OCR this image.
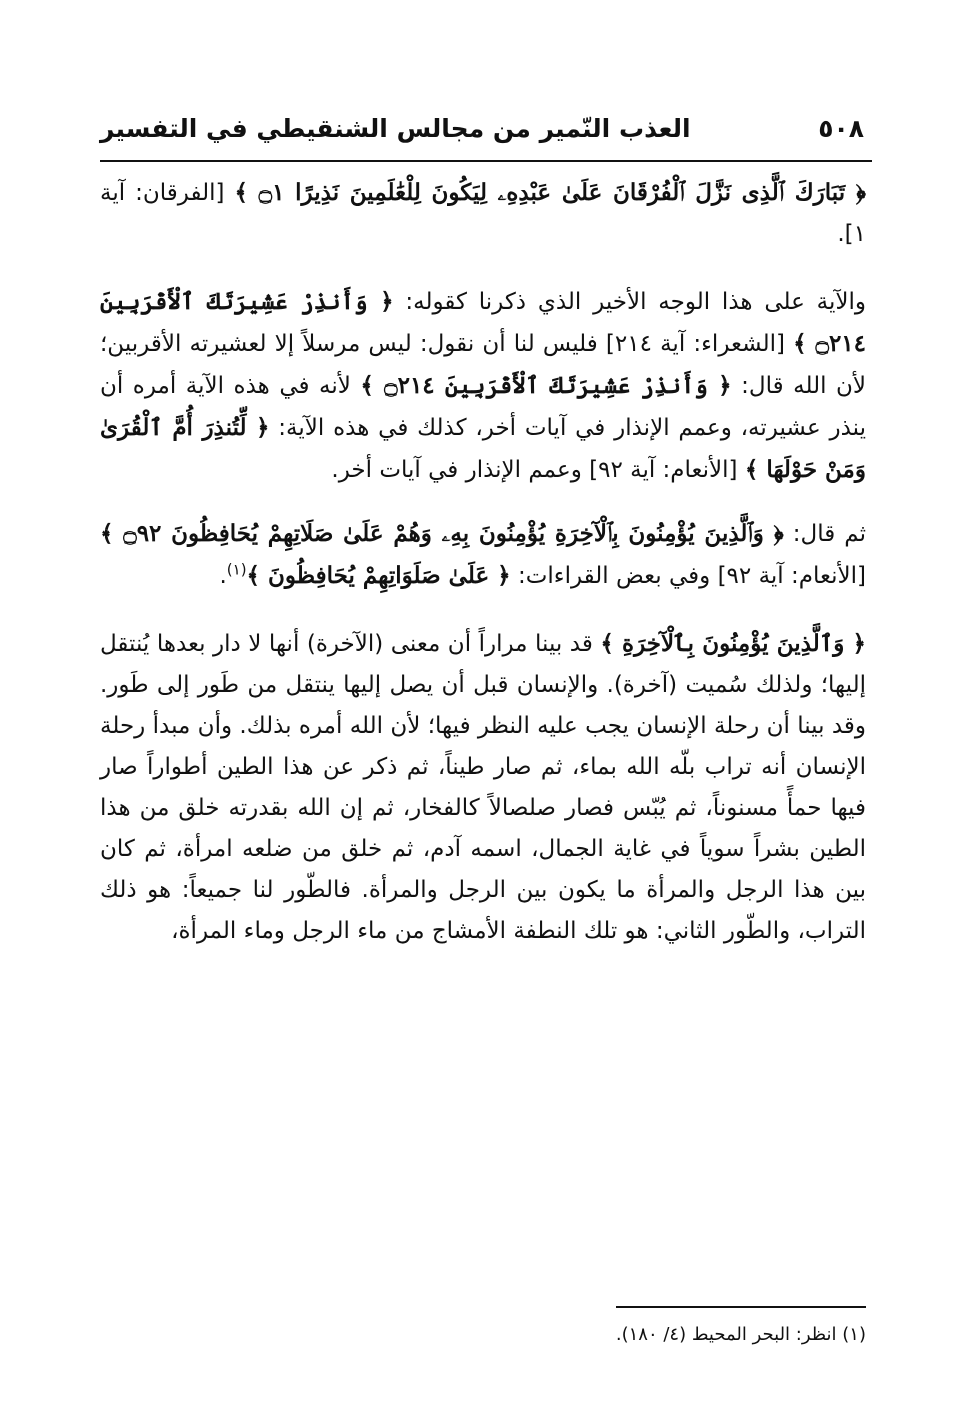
٥٠٨
العذب النّمير من مجالس الشنقيطي في التفسير

﴿ تَبَارَكَ ٱلَّذِى نَزَّلَ ٱلْفُرْقَانَ عَلَىٰ عَبْدِهِۦ لِيَكُونَ لِلْعَٰلَمِينَ نَذِيرًا ۝١ ﴾ [الفرقان: آية ١].

والآية على هذا الوجه الأخير الذي ذكرنا كقوله: ﴿ وَأَنذِرْ عَشِيرَتَكَ ٱلْأَقْرَبِينَ ۝٢١٤ ﴾ [الشعراء: آية ٢١٤] فليس لنا أن نقول: ليس مرسلاً إلا لعشيرته الأقربين؛ لأن الله قال: ﴿ وَأَنذِرْ عَشِيرَتَكَ ٱلْأَقْرَبِينَ ۝٢١٤ ﴾ لأنه في هذه الآية أمره أن ينذر عشيرته، وعمم الإنذار في آيات أخر، كذلك في هذه الآية: ﴿ لِّتُنذِرَ أُمَّ ٱلْقُرَىٰ وَمَنْ حَوْلَهَا ﴾ [الأنعام: آية ٩٢] وعمم الإنذار في آيات أخر.

ثم قال: ﴿ وَٱلَّذِينَ يُؤْمِنُونَ بِٱلْآخِرَةِ يُؤْمِنُونَ بِهِۦ وَهُمْ عَلَىٰ صَلَاتِهِمْ يُحَافِظُونَ ۝٩٢ ﴾ [الأنعام: آية ٩٢] وفي بعض القراءات: ﴿ عَلَىٰ صَلَوَاتِهِمْ يُحَافِظُونَ ﴾$^{(١)}$.

﴿ وَٱلَّذِينَ يُؤْمِنُونَ بِٱلْآخِرَةِ ﴾ قد بينا مراراً أن معنى (الآخرة) أنها لا دار بعدها يُنتقل إليها؛ ولذلك سُميت (آخرة). والإنسان قبل أن يصل إليها ينتقل من طَور إلى طَور. وقد بينا أن رحلة الإنسان يجب عليه النظر فيها؛ لأن الله أمره بذلك. وأن مبدأ رحلة الإنسان أنه تراب بلّه الله بماء، ثم صار طيناً، ثم ذكر عن هذا الطين أطواراً صار فيها حمأً مسنوناً، ثم يُبّس فصار صلصالاً كالفخار، ثم إن الله بقدرته خلق من هذا الطين بشراً سوياً في غاية الجمال، اسمه آدم، ثم خلق من ضلعه امرأة، ثم كان بين هذا الرجل والمرأة ما يكون بين الرجل والمرأة. فالطّور لنا جميعاً: هو ذلك التراب، والطّور الثاني: هو تلك النطفة الأمشاج من ماء الرجل وماء المرأة،

(١) انظر: البحر المحيط (٤/ ١٨٠).
